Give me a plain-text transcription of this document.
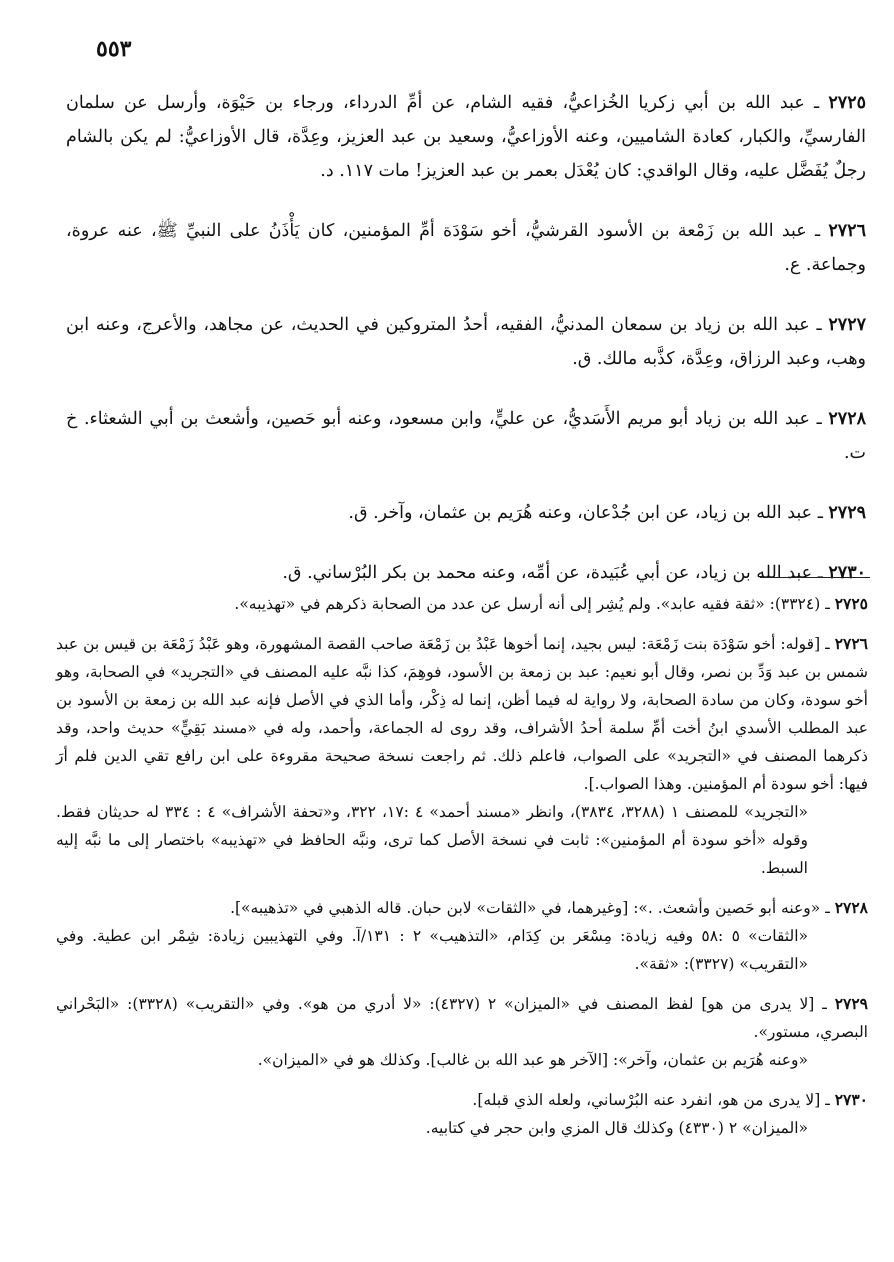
٥٥٣

٢٧٢٥ ـ عبد الله بن أبي زكريا الخُزاعيُّ، فقيه الشام، عن أمِّ الدرداء، ورجاء بن حَيْوَة، وأرسل عن سلمان الفارسيِّ، والكبار، كعادة الشاميين، وعنه الأوزاعيُّ، وسعيد بن عبد العزيز، وعِدَّة، قال الأوزاعيُّ: لم يكن بالشام رجلٌ يُفَضَّل عليه، وقال الواقدي: كان يُعْدَل بعمر بن عبد العزيز! مات ١١٧. د.

٢٧٢٦ ـ عبد الله بن زَمْعة بن الأسود القرشيُّ، أخو سَوْدَة أمِّ المؤمنين، كان يَأْذَنُ على النبيِّ ﷺ، عنه عروة، وجماعة. ع.

٢٧٢٧ ـ عبد الله بن زياد بن سمعان المدنيُّ، الفقيه، أحدُ المتروكين في الحديث، عن مجاهد، والأعرج، وعنه ابن وهب، وعبد الرزاق، وعِدَّة، كذَّبه مالك. ق.

٢٧٢٨ ـ عبد الله بن زياد أبو مريم الأَسَديُّ، عن عليٍّ، وابن مسعود، وعنه أبو حَصين، وأشعث بن أبي الشعثاء. خ ت.

٢٧٢٩ ـ عبد الله بن زياد، عن ابن جُدْعان، وعنه هُرَيم بن عثمان، وآخر. ق.

٢٧٣٠ ـ عبد الله بن زياد، عن أبي عُبَيدة، عن أمِّه، وعنه محمد بن بكر البُرْساني. ق.

٢٧٢٥ ـ (٣٣٢٤): «ثقة فقيه عابد». ولم يُشِر إلى أنه أرسل عن عدد من الصحابة ذكرهم في «تهذيبه».
٢٧٢٦ ـ [قوله: أخو سَوْدَة بنت زَمْعَة: ليس بجيد، إنما أخوها عَبْدُ بن زَمْعَة صاحب القصة المشهورة، وهو عَبْدُ زَمْعَة بن قيس بن عبد شمس بن عبد وَدِّ بن نصر، وقال أبو نعيم: عبد بن زمعة بن الأسود، فوهِمَ، كذا نبَّه عليه المصنف في «التجريد» في الصحابة، وهو أخو سودة، وكان من سادة الصحابة، ولا رواية له فيما أظن، إنما له ذِكْر، وأما الذي في الأصل فإنه عبد الله بن زمعة بن الأسود بن عبد المطلب الأسدي ابنُ أخت أمِّ سلمة أحدُ الأشراف، وقد روى له الجماعة، وأحمد، وله في «مسند بَقِيٍّ» حديث واحد، وقد ذكرهما المصنف في «التجريد» على الصواب، فاعلم ذلك. ثم راجعت نسخة صحيحة مقروءة على ابن رافع تقي الدين فلم أرَ فيها: أخو سودة أم المؤمنين. وهذا الصواب.].
«التجريد» للمصنف ١ (٣٢٨٨، ٣٨٣٤)، وانظر «مسند أحمد» ٤ :١٧، ٣٢٢، و«تحفة الأشراف» ٤ : ٣٣٤ له حديثان فقط. وقوله «أخو سودة أم المؤمنين»: ثابت في نسخة الأصل كما ترى، ونبَّه الحافظ في «تهذيبه» باختصار إلى ما نبَّه إليه السبط.
٢٧٢٨ ـ «وعنه أبو حَصين وأشعث. .»: [وغيرهما، في «الثقات» لابن حبان. قاله الذهبي في «تذهيبه»].
«الثقات» ٥ :٥٨ وفيه زيادة: مِسْعَر بن كِدَام، «التذهيب» ٢ : ١٣١/آ. وفي التهذيبين زيادة: شِمْر ابن عطية. وفي «التقريب» (٣٣٢٧): «ثقة».
٢٧٢٩ ـ [لا يدرى من هو] لفظ المصنف في «الميزان» ٢ (٤٣٢٧): «لا أدري من هو». وفي «التقريب» (٣٣٢٨): «البَحْراني البصري، مستور».
«وعنه هُرَيم بن عثمان، وآخر»: [الآخر هو عبد الله بن غالب]. وكذلك هو في «الميزان».
٢٧٣٠ ـ [لا يدرى من هو، انفرد عنه البُرْساني، ولعله الذي قبله].
«الميزان» ٢ (٤٣٣٠) وكذلك قال المزي وابن حجر في كتابيه.
